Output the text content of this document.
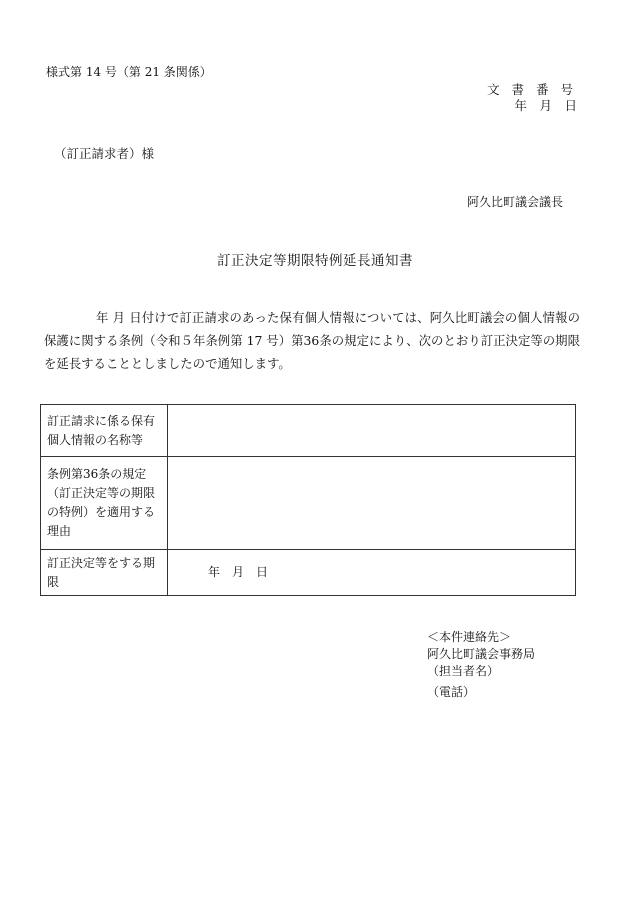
様式第 14 号（第 21 条関係）
文 書 番 号
年　月　日
（訂正請求者）様
阿久比町議会議長
訂正決定等期限特例延長通知書
年 月 日付けで訂正請求のあった保有個人情報については、阿久比町議会の個人情報の保護に関する条例（令和５年条例第 17 号）第36条の規定により、次のとおり訂正決定等の期限を延長することとしましたので通知します。
訂正請求に係る保有個人情報の名称等	
条例第36条の規定（訂正決定等の期限の特例）を適用する理由	
訂正決定等をする期限	年　月　日
＜本件連絡先＞
阿久比町議会事務局
（担当者名）
（電話）
